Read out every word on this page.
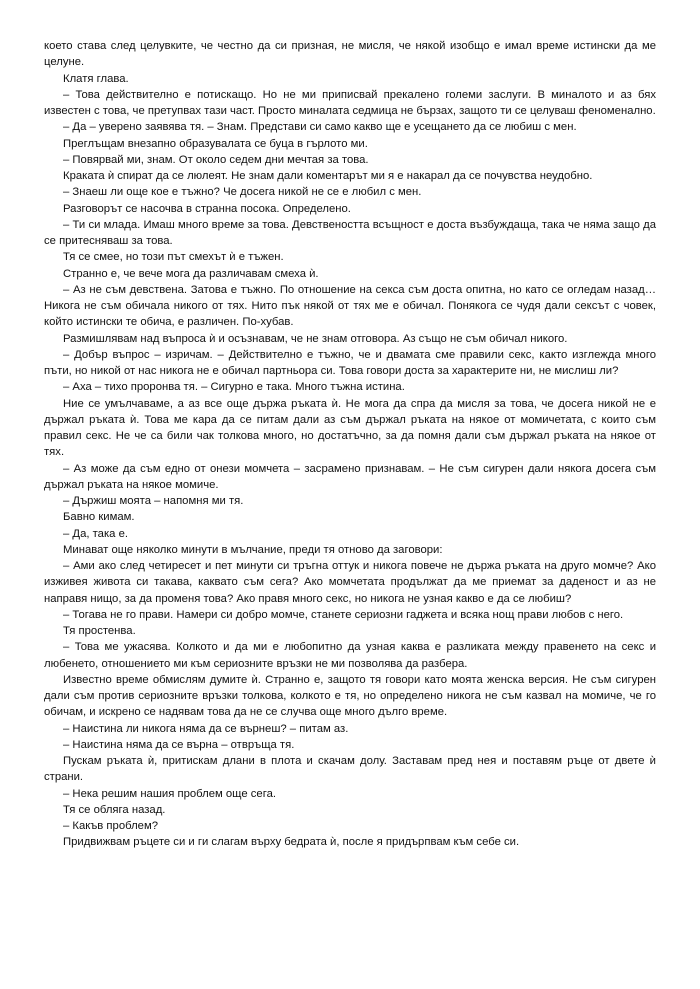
което става след целувките, че честно да си призная, не мисля, че някой изобщо е имал време истински да ме целуне.

Клатя глава.

– Това действително е потискащо. Но не ми приписвай прекалено големи заслуги. В миналото и аз бях известен с това, че претупвах тази част. Просто миналата седмица не бързах, защото ти се целуваш феноменално.

– Да – уверено заявява тя. – Знам. Представи си само какво ще е усещането да се любиш с мен.

Преглъщам внезапно образувалата се буца в гърлото ми.

– Повярвай ми, знам. От около седем дни мечтая за това.

Краката ѝ спират да се люлеят. Не знам дали коментарът ми я е накарал да се почувства неудобно.

– Знаеш ли още кое е тъжно? Че досега никой не се е любил с мен.

Разговорът се насочва в странна посока. Определено.

– Ти си млада. Имаш много време за това. Девствеността всъщност е доста възбуждаща, така че няма защо да се притесняваш за това.

Тя се смее, но този път смехът ѝ е тъжен.

Странно е, че вече мога да различавам смеха ѝ.

– Аз не съм девствена. Затова е тъжно. По отношение на секса съм доста опитна, но като се огледам назад… Никога не съм обичала никого от тях. Нито пък някой от тях ме е обичал. Понякога се чудя дали сексът с човек, който истински те обича, е различен. По-хубав.

Размишлявам над въпроса ѝ и осъзнавам, че не знам отговора. Аз също не съм обичал никого.

– Добър въпрос – изричам. – Действително е тъжно, че и двамата сме правили секс, както изглежда много пъти, но никой от нас никога не е обичал партньора си. Това говори доста за характерите ни, не мислиш ли?

– Аха – тихо проронва тя. – Сигурно е така. Много тъжна истина.

Ние се умълчаваме, а аз все още държа ръката ѝ. Не мога да спра да мисля за това, че досега никой не е държал ръката ѝ. Това ме кара да се питам дали аз съм държал ръката на някое от момичетата, с които съм правил секс. Не че са били чак толкова много, но достатъчно, за да помня дали съм държал ръката на някое от тях.

– Аз може да съм едно от онези момчета – засрамено признавам. – Не съм сигурен дали някога досега съм държал ръката на някое момиче.

– Държиш моята – напомня ми тя.

Бавно кимам.

– Да, така е.

Минават още няколко минути в мълчание, преди тя отново да заговори:

– Ами ако след четиресет и пет минути си тръгна оттук и никога повече не държа ръката на друго момче? Ако изживея живота си такава, каквато съм сега? Ако момчетата продължат да ме приемат за даденост и аз не направя нищо, за да променя това? Ако правя много секс, но никога не узная какво е да се любиш?

– Тогава не го прави. Намери си добро момче, станете сериозни гаджета и всяка нощ прави любов с него.

Тя простенва.

– Това ме ужасява. Колкото и да ми е любопитно да узная каква е разликата между правенето на секс и любенето, отношението ми към сериозните връзки не ми позволява да разбера.

Известно време обмислям думите ѝ. Странно е, защото тя говори като моята женска версия. Не съм сигурен дали съм против сериозните връзки толкова, колкото е тя, но определено никога не съм казвал на момиче, че го обичам, и искрено се надявам това да не се случва още много дълго време.

– Наистина ли никога няма да се върнеш? – питам аз.

– Наистина няма да се върна – отвръща тя.

Пускам ръката ѝ, притискам длани в плота и скачам долу. Заставам пред нея и поставям ръце от двете ѝ страни.

– Нека решим нашия проблем още сега.

Тя се обляга назад.

– Какъв проблем?

Придвижвам ръцете си и ги слагам върху бедрата ѝ, после я придърпвам към себе си.
